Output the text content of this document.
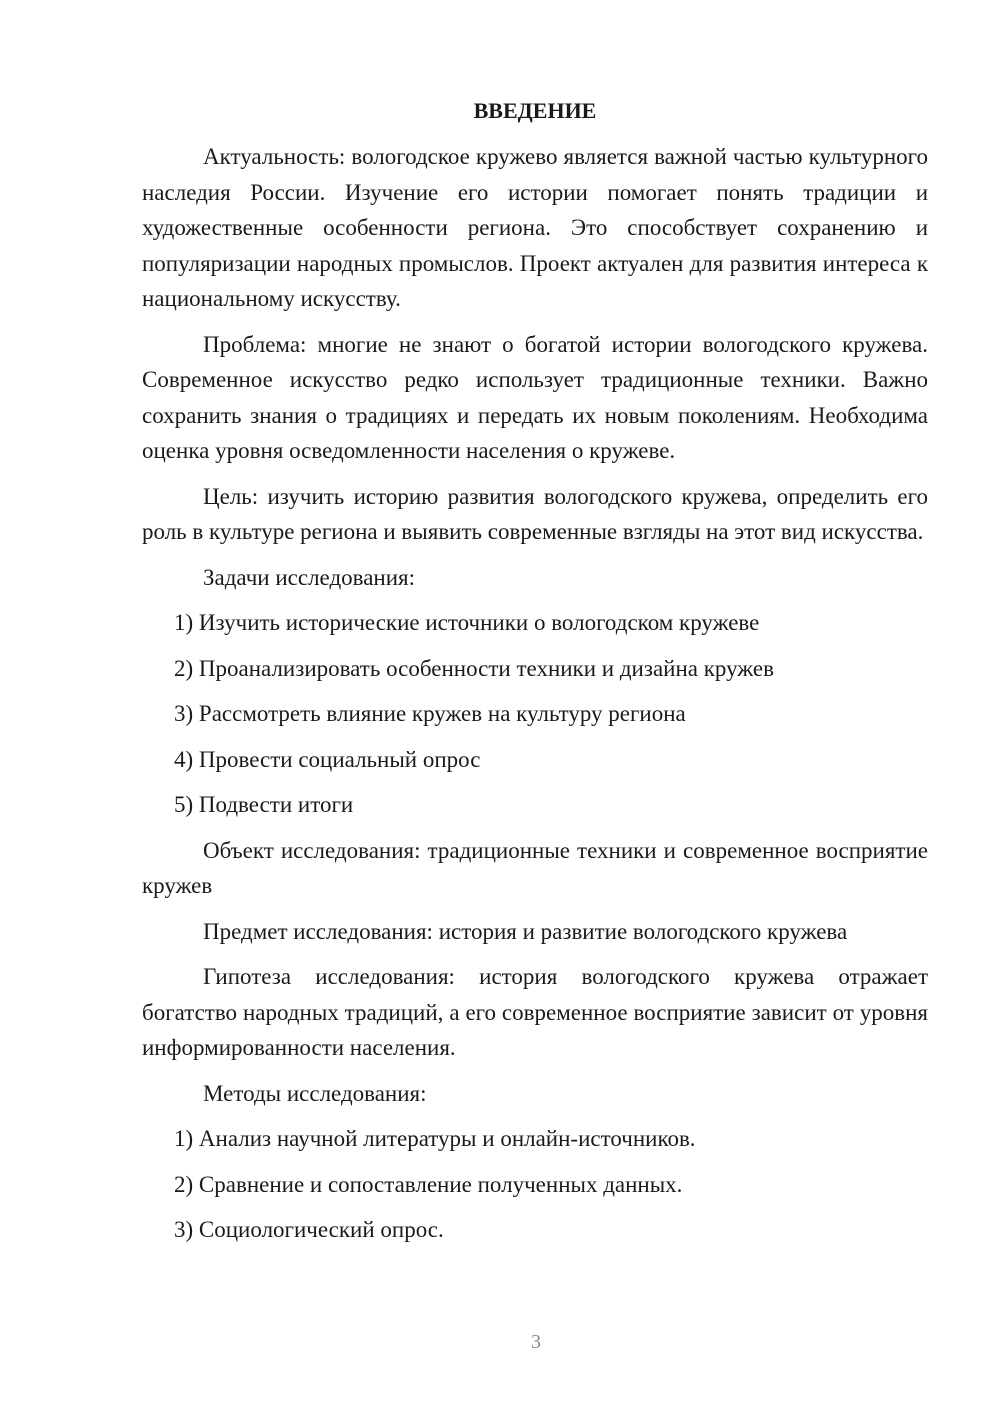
ВВЕДЕНИЕ

Актуальность: вологодское кружево является важной частью культурного наследия России. Изучение его истории помогает понять традиции и художественные особенности региона. Это способствует сохранению и популяризации народных промыслов. Проект актуален для развития интереса к национальному искусству.

Проблема: многие не знают о богатой истории вологодского кружева. Современное искусство редко использует традиционные техники. Важно сохранить знания о традициях и передать их новым поколениям. Необходима оценка уровня осведомленности населения о кружеве.

Цель: изучить историю развития вологодского кружева, определить его роль в культуре региона и выявить современные взгляды на этот вид искусства.

Задачи исследования:

1) Изучить исторические источники о вологодском кружеве
2) Проанализировать особенности техники и дизайна кружев
3) Рассмотреть влияние кружев на культуру региона
4) Провести социальный опрос
5) Подвести итоги

Объект исследования: традиционные техники и современное восприятие кружев

Предмет исследования: история и развитие вологодского кружева

Гипотеза исследования: история вологодского кружева отражает богатство народных традиций, а его современное восприятие зависит от уровня информированности населения.

Методы исследования:

1) Анализ научной литературы и онлайн-источников.
2) Сравнение и сопоставление полученных данных.
3) Социологический опрос.
3
